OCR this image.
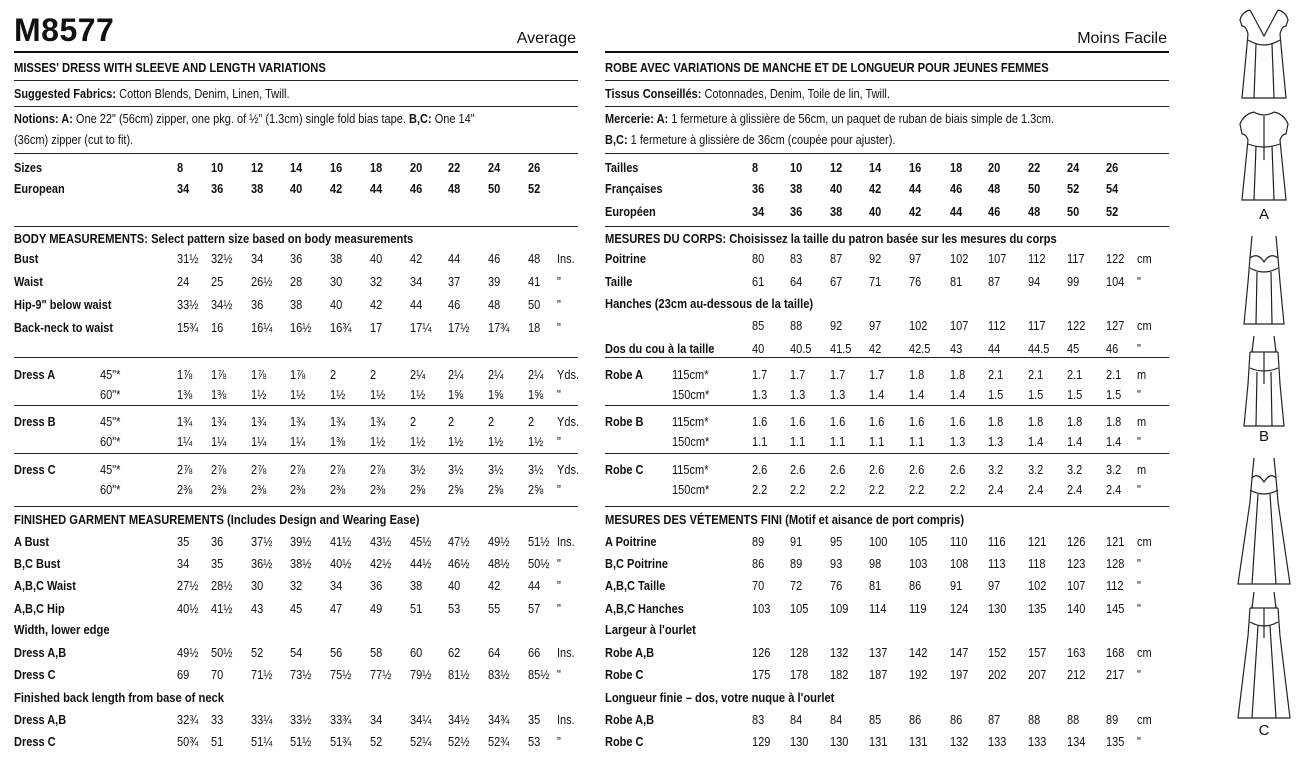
M8577	Average
MISSES' DRESS WITH SLEEVE AND LENGTH VARIATIONS
Suggested Fabrics: Cotton Blends, Denim, Linen, Twill.
Notions: A: One 22" (56cm) zipper, one pkg. of ½" (1.3cm) single fold bias tape. B,C: One 14"
(36cm) zipper (cut to fit).
Sizes	8 10 12 14 16 18 20 22 24 26
European	34 36 38 40 42 44 46 48 50 52
BODY MEASUREMENTS: Select pattern size based on body measurements
Bust	31½ 32½ 34 36 38 40 42 44 46 48 Ins.
Waist	24 25 26½ 28 30 32 34 37 39 41 "
Hip-9" below waist	33½ 34½ 36 38 40 42 44 46 48 50 "
Back-neck to waist	15¾ 16 16¼ 16½ 16¾ 17 17¼ 17½ 17¾ 18 "
Dress A	45"*	1⅞ 1⅞ 1⅞ 1⅞ 2	2	2¼ 2¼ 2¼ 2¼ Yds.
60"*	1⅜ 1⅜ 1½ 1½ 1½ 1½ 1½ 1⅝ 1⅝ 1⅝ "
Dress B	45"*	1¾ 1¾ 1¾ 1¾ 1¾ 1¾ 2	2	2	2 Yds.
60"*	1¼ 1¼ 1¼ 1¼ 1⅜ 1½ 1½ 1½ 1½ 1½ "
Dress C	45"*	2⅞ 2⅞ 2⅞ 2⅞ 2⅞ 2⅞ 3½ 3½ 3½ 3½ Yds.
60"*	2⅜ 2⅜ 2⅜ 2⅜ 2⅜ 2⅜ 2⅝ 2⅝ 2⅝ 2⅝ "
FINISHED GARMENT MEASUREMENTS (Includes Design and Wearing Ease)
A Bust	35 36 37½ 39½ 41½ 43½ 45½ 47½ 49½ 51½ Ins.
B,C Bust	34 35 36½ 38½ 40½ 42½ 44½ 46½ 48½ 50½ "
A,B,C Waist	27½ 28½ 30 32 34 36 38 40 42 44 "
A,B,C Hip	40½ 41½ 43 45 47 49 51 53 55 57 "
Width, lower edge
Dress A,B	49½ 50½ 52 54 56 58 60 62 64 66 Ins.
Dress C	69 70 71½ 73½ 75½ 77½ 79½ 81½ 83½ 85½ "
Finished back length from base of neck
Dress A,B	32¾ 33 33¼ 33½ 33¾ 34 34¼ 34½ 34¾ 35 Ins.
Dress C	50¾ 51 51¼ 51½ 51¾ 52 52¼ 52½ 52¾ 53 "
Moins Facile
ROBE AVEC VARIATIONS DE MANCHE ET DE LONGUEUR POUR JEUNES FEMMES
Tissus Conseillés: Cotonnades, Denim, Toile de lin, Twill.
Mercerie: A: 1 fermeture à glissière de 56cm, un paquet de ruban de biais simple de 1.3cm.
B,C: 1 fermeture à glissière de 36cm (coupée pour ajuster).
Tailles	8	10 12 14 16 18 20 22 24 26
Françaises	36 38 40 42 44 46 48 50 52 54
Européen	34 36 38 40 42 44 46 48 50 52
MESURES DU CORPS: Choisissez la taille du patron basée sur les mesures du corps
Poitrine	80 83 87 92 97 102 107 112 117 122 cm
Taille	61 64 67 71 76 81 87 94 99 104 "
Hanches (23cm au-dessous de la taille)
85 88 92 97 102 107 112 117 122 127 cm
Dos du cou à la taille	40 40.5 41.5 42 42.5 43 44 44.5 45 46 "
Robe A 115cm*	1.7 1.7 1.7 1.7 1.8 1.8 2.1 2.1 2.1 2.1 m
150cm*	1.3 1.3 1.3 1.4 1.4 1.4 1.5 1.5 1.5 1.5 "
Robe B 115cm*	1.6 1.6 1.6 1.6 1.6 1.6 1.8 1.8 1.8 1.8 m
150cm*	1.1 1.1 1.1 1.1 1.1 1.3 1.3 1.4 1.4 1.4 "
Robe C 115cm*	2.6 2.6 2.6 2.6 2.6 2.6 3.2 3.2 3.2 3.2 m
150cm*	2.2 2.2 2.2 2.2 2.2 2.2 2.4 2.4 2.4 2.4 "
MESURES DES VÉTEMENTS FINI (Motif et aisance de port compris)
A Poitrine	89 91 95 100 105 110 116 121 126 121 cm
B,C Poitrine	86 89 93 98 103 108 113 118 123 128 "
A,B,C Taille	70 72 76 81 86 91 97 102 107 112 "
A,B,C Hanches	103 105 109 114 119 124 130 135 140 145 "
Largeur à l'ourlet
Robe A,B	126 128 132 137 142 147 152 157 163 168 cm
Robe C	175 178 182 187 192 197 202 207 212 217 "
Longueur finie – dos, votre nuque à l'ourlet
Robe A,B	83 84 84 85 86 86 87 88 88 89 cm
Robe C	129 130 130 131 131 132 133 133 134 135 "
A
B
C
